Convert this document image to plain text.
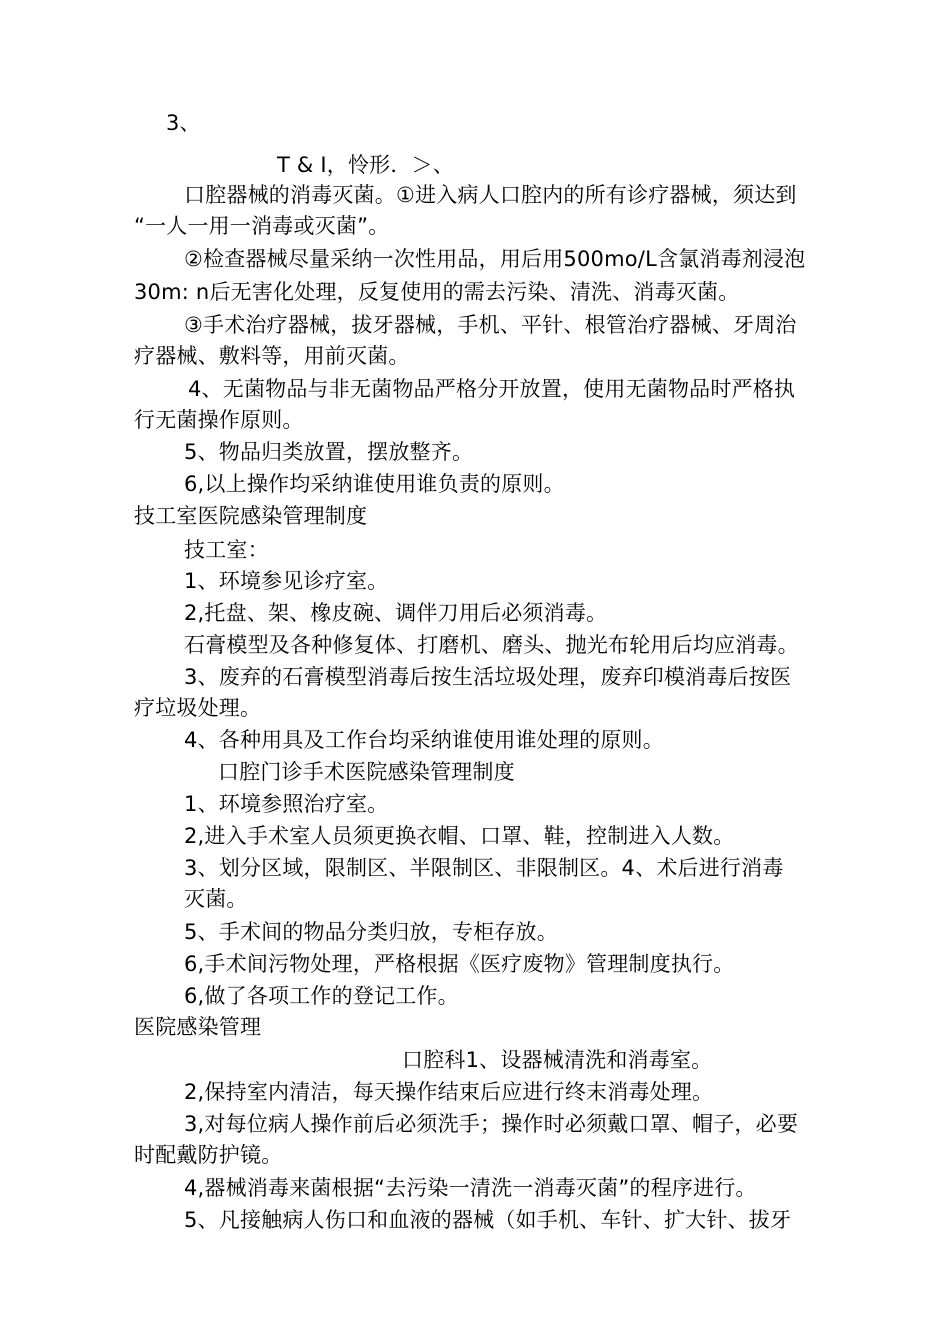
3、
T & I，怜形．＞、
口腔器械的消毒灭菌。①进入病人口腔内的所有诊疗器械，须达到
“一人一用一消毒或灭菌”。
②检查器械尽量采纳一次性用品，用后用500mo/L含氯消毒剂浸泡
30m: n后无害化处理，反复使用的需去污染、清洗、消毒灭菌。
③手术治疗器械，拔牙器械，手机、平针、根管治疗器械、牙周治
疗器械、敷料等，用前灭菌。
4、无菌物品与非无菌物品严格分开放置，使用无菌物品时严格执
行无菌操作原则。
5、物品归类放置，摆放整齐。
6,以上操作均采纳谁使用谁负责的原则。
技工室医院感染管理制度
技工室：
1、环境参见诊疗室。
2,托盘、架、橡皮碗、调伴刀用后必须消毒。
石膏模型及各种修复体、打磨机、磨头、抛光布轮用后均应消毒。
3、废弃的石膏模型消毒后按生活垃圾处理，废弃印模消毒后按医
疗垃圾处理。
4、各种用具及工作台均采纳谁使用谁处理的原则。
口腔门诊手术医院感染管理制度
1、环境参照治疗室。
2,进入手术室人员须更换衣帽、口罩、鞋，控制进入人数。
3、划分区域，限制区、半限制区、非限制区。4、术后进行消毒
灭菌。
5、手术间的物品分类归放，专柜存放。
6,手术间污物处理，严格根据《医疗废物》管理制度执行。
6,做了各项工作的登记工作。
医院感染管理
口腔科1、设器械清洗和消毒室。
2,保持室内清洁，每天操作结束后应进行终末消毒处理。
3,对每位病人操作前后必须洗手；操作时必须戴口罩、帽子，必要
时配戴防护镜。
4,器械消毒来菌根据“去污染一清洗一消毒灭菌”的程序进行。
5、凡接触病人伤口和血液的器械（如手机、车针、扩大针、拔牙
